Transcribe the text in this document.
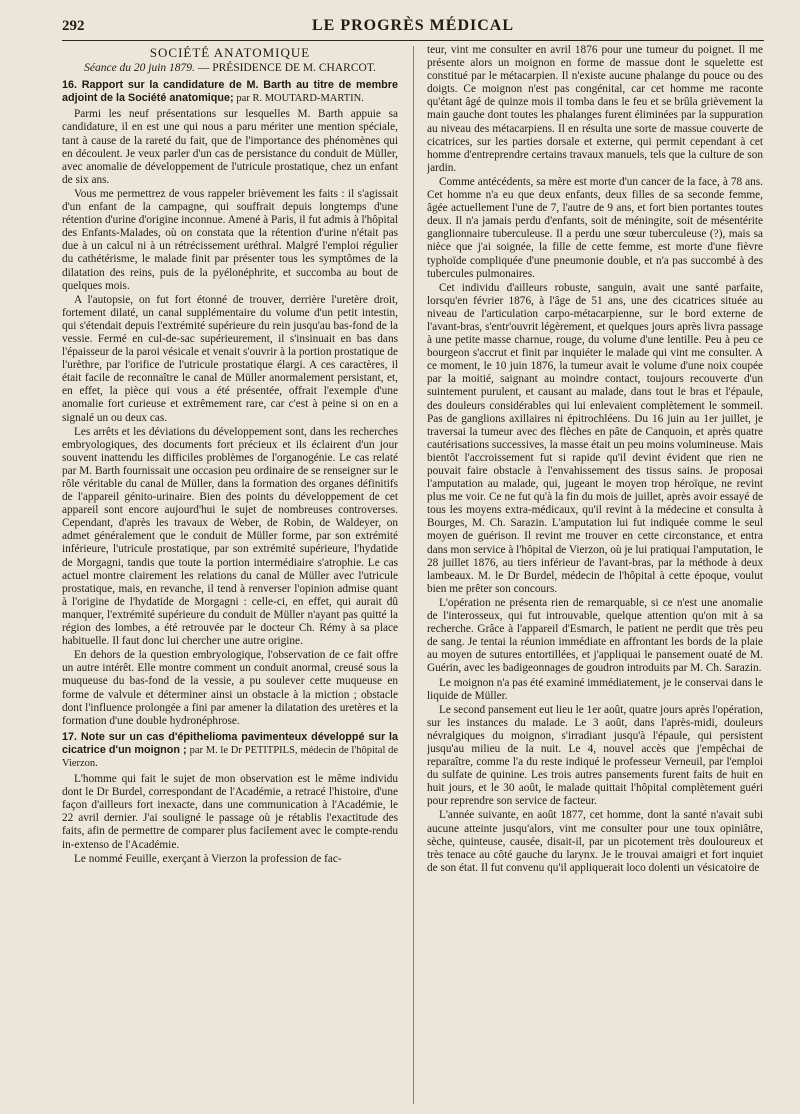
292	LE PROGRÈS MÉDICAL
SOCIÉTÉ ANATOMIQUE
Séance du 20 juin 1879. — PRÉSIDENCE DE M. CHARCOT.
16. Rapport sur la candidature de M. Barth au titre de membre adjoint de la Société anatomique; par R. MOUTARD-MARTIN.

Parmi les neuf présentations sur lesquelles M. Barth appuie sa candidature, il en est une qui nous a paru mériter une mention spéciale, tant à cause de la rareté du fait, que de l'importance des phénomènes qui en découlent. Je veux parler d'un cas de persistance du conduit de Müller, avec anomalie de développement de l'utricule prostatique, chez un enfant de six ans.

Vous me permettrez de vous rappeler brièvement les faits : il s'agissait d'un enfant de la campagne, qui souffrait depuis longtemps d'une rétention d'urine d'origine inconnue. Amené à Paris, il fut admis à l'hôpital des Enfants-Malades, où on constata que la rétention d'urine n'était pas due à un calcul ni à un rétrécissement uréthral. Malgré l'emploi régulier du cathétérisme, le malade finit par présenter tous les symptômes de la dilatation des reins, puis de la pyélonéphrite, et succomba au bout de quelques mois.

A l'autopsie, on fut fort étonné de trouver, derrière l'uretère droit, fortement dilaté, un canal supplémentaire du volume d'un petit intestin, qui s'étendait depuis l'extrémité supérieure du rein jusqu'au bas-fond de la vessie. Fermé en cul-de-sac supérieurement, il s'insinuait en bas dans l'épaisseur de la paroi vésicale et venait s'ouvrir à la portion prostatique de l'urèthre, par l'orifice de l'utricule prostatique élargi. A ces caractères, il était facile de reconnaître le canal de Müller anormalement persistant, et, en effet, la pièce qui vous a été présentée, offrait l'exemple d'une anomalie fort curieuse et extrêmement rare, car c'est à peine si on en a signalé un ou deux cas.

Les arrêts et les déviations du développement sont, dans les recherches embryologiques, des documents fort précieux et ils éclairent d'un jour souvent inattendu les difficiles problèmes de l'organogénie. Le cas relaté par M. Barth fournissait une occasion peu ordinaire de se renseigner sur le rôle véritable du canal de Müller, dans la formation des organes définitifs de l'appareil génito-urinaire. Bien des points du développement de cet appareil sont encore aujourd'hui le sujet de nombreuses controverses. Cependant, d'après les travaux de Weber, de Robin, de Waldeyer, on admet généralement que le conduit de Müller forme, par son extrémité inférieure, l'utricule prostatique, par son extrémité supérieure, l'hydatide de Morgagni, tandis que toute la portion intermédiaire s'atrophie. Le cas actuel montre clairement les relations du canal de Müller avec l'utricule prostatique, mais, en revanche, il tend à renverser l'opinion admise quant à l'origine de l'hydatide de Morgagni : celle-ci, en effet, qui aurait dû manquer, l'extrémité supérieure du conduit de Müller n'ayant pas quitté la région des lombes, a été retrouvée par le docteur Ch. Rémy à sa place habituelle. Il faut donc lui chercher une autre origine.

En dehors de la question embryologique, l'observation de ce fait offre un autre intérêt. Elle montre comment un conduit anormal, creusé sous la muqueuse du bas-fond de la vessie, a pu soulever cette muqueuse en forme de valvule et déterminer ainsi un obstacle à la miction ; obstacle dont l'influence prolongée a fini par amener la dilatation des uretères et la formation d'une double hydronéphrose.

17. Note sur un cas d'épithelioma pavimenteux développé sur la cicatrice d'un moignon ; par M. le Dr PETITPILS, médecin de l'hôpital de Vierzon.

L'homme qui fait le sujet de mon observation est le même individu dont le Dr Burdel, correspondant de l'Académie, a retracé l'histoire, d'une façon d'ailleurs fort inexacte, dans une communication à l'Académie, le 22 avril dernier. J'ai souligné le passage où je rétablis l'exactitude des faits, afin de permettre de comparer plus facilement avec le compte-rendu in-extenso de l'Académie.

Le nommé Feuille, exerçant à Vierzon la profession de fac-

teur, vint me consulter en avril 1876 pour une tumeur du poignet. Il me présente alors un moignon en forme de massue dont le squelette est constitué par le métacarpien. Il n'existe aucune phalange du pouce ou des doigts. Ce moignon n'est pas congénital, car cet homme me raconte qu'étant âgé de quinze mois il tomba dans le feu et se brûla grièvement la main gauche dont toutes les phalanges furent éliminées par la suppuration au niveau des métacarpiens. Il en résulta une sorte de massue couverte de cicatrices, sur les parties dorsale et externe, qui permit cependant à cet homme d'entreprendre certains travaux manuels, tels que la culture de son jardin.

Comme antécédents, sa mère est morte d'un cancer de la face, à 78 ans. Cet homme n'a eu que deux enfants, deux filles de sa seconde femme, âgée actuellement l'une de 7, l'autre de 9 ans, et fort bien portantes toutes deux. Il n'a jamais perdu d'enfants, soit de méningite, soit de mésentérite ganglionnaire tuberculeuse. Il a perdu une sœur tuberculeuse (?), mais sa nièce que j'ai soignée, la fille de cette femme, est morte d'une fièvre typhoïde compliquée d'une pneumonie double, et n'a pas succombé à des tubercules pulmonaires.

Cet individu d'ailleurs robuste, sanguin, avait une santé parfaite, lorsqu'en février 1876, à l'âge de 51 ans, une des cicatrices située au niveau de l'articulation carpo-métacarpienne, sur le bord externe de l'avant-bras, s'entr'ouvrit légèrement, et quelques jours après livra passage à une petite masse charnue, rouge, du volume d'une lentille. Peu à peu ce bourgeon s'accrut et finit par inquiéter le malade qui vint me consulter. A ce moment, le 10 juin 1876, la tumeur avait le volume d'une noix coupée par la moitié, saignant au moindre contact, toujours recouverte d'un suintement purulent, et causant au malade, dans tout le bras et l'épaule, des douleurs considérables qui lui enlevaient complètement le sommeil. Pas de ganglions axillaires ni épitrochléens. Du 16 juin au 1er juillet, je traversai la tumeur avec des flèches en pâte de Canquoin, et après quatre cautérisations successives, la masse était un peu moins volumineuse. Mais bientôt l'accroissement fut si rapide qu'il devint évident que rien ne pouvait faire obstacle à l'envahissement des tissus sains. Je proposai l'amputation au malade, qui, jugeant le moyen trop héroïque, ne revint plus me voir. Ce ne fut qu'à la fin du mois de juillet, après avoir essayé de tous les moyens extra-médicaux, qu'il revint à la médecine et consulta à Bourges, M. Ch. Sarazin. L'amputation lui fut indiquée comme le seul moyen de guérison. Il revint me trouver en cette circonstance, et entra dans mon service à l'hôpital de Vierzon, où je lui pratiquai l'amputation, le 28 juillet 1876, au tiers inférieur de l'avant-bras, par la méthode à deux lambeaux. M. le Dr Burdel, médecin de l'hôpital à cette époque, voulut bien me prêter son concours.

L'opération ne présenta rien de remarquable, si ce n'est une anomalie de l'interosseux, qui fut introuvable, quelque attention qu'on mit à sa recherche. Grâce à l'appareil d'Esmarch, le patient ne perdit que très peu de sang. Je tentai la réunion immédiate en affrontant les bords de la plaie au moyen de sutures entortillées, et j'appliquai le pansement ouaté de M. Guérin, avec les badigeonnages de goudron introduits par M. Ch. Sarazin.

Le moignon n'a pas été examiné immédiatement, je le conservai dans le liquide de Müller.

Le second pansement eut lieu le 1er août, quatre jours après l'opération, sur les instances du malade. Le 3 août, dans l'après-midi, douleurs névralgiques du moignon, s'irradiant jusqu'à l'épaule, qui persistent jusqu'au milieu de la nuit. Le 4, nouvel accès que j'empêchai de reparaître, comme l'a du reste indiqué le professeur Verneuil, par l'emploi du sulfate de quinine. Les trois autres pansements furent faits de huit en huit jours, et le 30 août, le malade quittait l'hôpital complètement guéri pour reprendre son service de facteur.

L'année suivante, en août 1877, cet homme, dont la santé n'avait subi aucune atteinte jusqu'alors, vint me consulter pour une toux opiniâtre, sèche, quinteuse, causée, disait-il, par un picotement très douloureux et très tenace au côté gauche du larynx. Je le trouvai amaigri et fort inquiet de son état. Il fut convenu qu'il appliquerait loco dolenti un vésicatoire de
